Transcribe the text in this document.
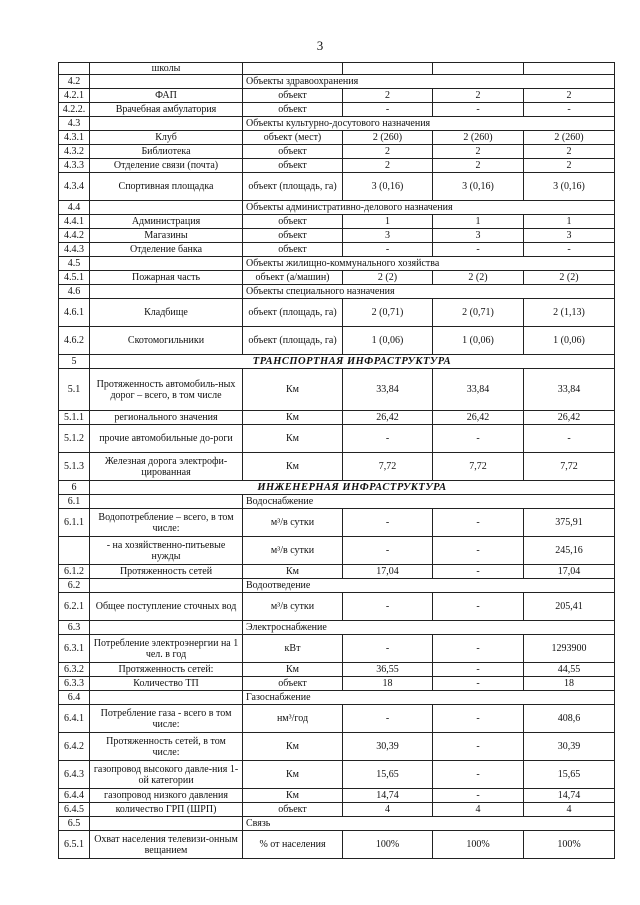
3
	школы				
4.2		Объекты здравоохранения			
4.2.1	ФАП	объект	2	2	2
4.2.2.	Врачебная амбулатория	объект	-	-	-
4.3		Объекты культурно-досутового назначения			
4.3.1	Клуб	объект (мест)	2 (260)	2 (260)	2 (260)
4.3.2	Библиотека	объект	2	2	2
4.3.3	Отделение связи (почта)	объект	2	2	2
4.3.4	Спортивная площадка	объект (площадь, га)	3 (0,16)	3 (0,16)	3 (0,16)
4.4		Объекты административно-делового назначения			
4.4.1	Администрация	объект	1	1	1
4.4.2	Магазины	объект	3	3	3
4.4.3	Отделение банка	объект	-	-	-
4.5		Объекты жилищно-коммунального хозяйства			
4.5.1	Пожарная часть	объект (а/машин)	2 (2)	2 (2)	2 (2)
4.6		Объекты специального назначения			
4.6.1	Кладбище	объект (площадь, га)	2 (0,71)	2 (0,71)	2 (1,13)
4.6.2	Скотомогильники	объект (площадь, га)	1 (0,06)	1 (0,06)	1 (0,06)
5	ТРАНСПОРТНАЯ ИНФРАСТРУКТУРА				
5.1	Протяженность автомобиль-ных дорог – всего, в том числе	Км	33,84	33,84	33,84
5.1.1	регионального значения	Км	26,42	26,42	26,42
5.1.2	прочие автомобильные до-роги	Км	-	-	-
5.1.3	Железная дорога электрофи-цированная	Км	7,72	7,72	7,72
6	ИНЖЕНЕРНАЯ ИНФРАСТРУКТУРА				
6.1		Водоснабжение			
6.1.1	Водопотребление – всего, в том числе:	м³/в сутки	-	-	375,91
	- на хозяйственно-питьевые нужды	м³/в сутки	-	-	245,16
6.1.2	Протяженность сетей	Км	17,04	-	17,04
6.2		Водоотведение			
6.2.1	Общее поступление сточных вод	м³/в сутки	-	-	205,41
6.3		Электроснабжение			
6.3.1	Потребление электроэнергии на 1 чел. в год	кВт	-	-	1293900
6.3.2	Протяженность сетей:	Км	36,55	-	44,55
6.3.3	Количество ТП	объект	18	-	18
6.4		Газоснабжение			
6.4.1	Потребление газа - всего в том числе:	нм³/год	-	-	408,6
6.4.2	Протяженность сетей, в том числе:	Км	30,39	-	30,39
6.4.3	газопровод высокого давле-ния 1-ой категории	Км	15,65	-	15,65
6.4.4	газопровод низкого давления	Км	14,74	-	14,74
6.4.5	количество ГРП (ШРП)	объект	4	4	4
6.5		Связь			
6.5.1	Охват населения телевизи-онным вещанием	% от населения	100%	100%	100%
